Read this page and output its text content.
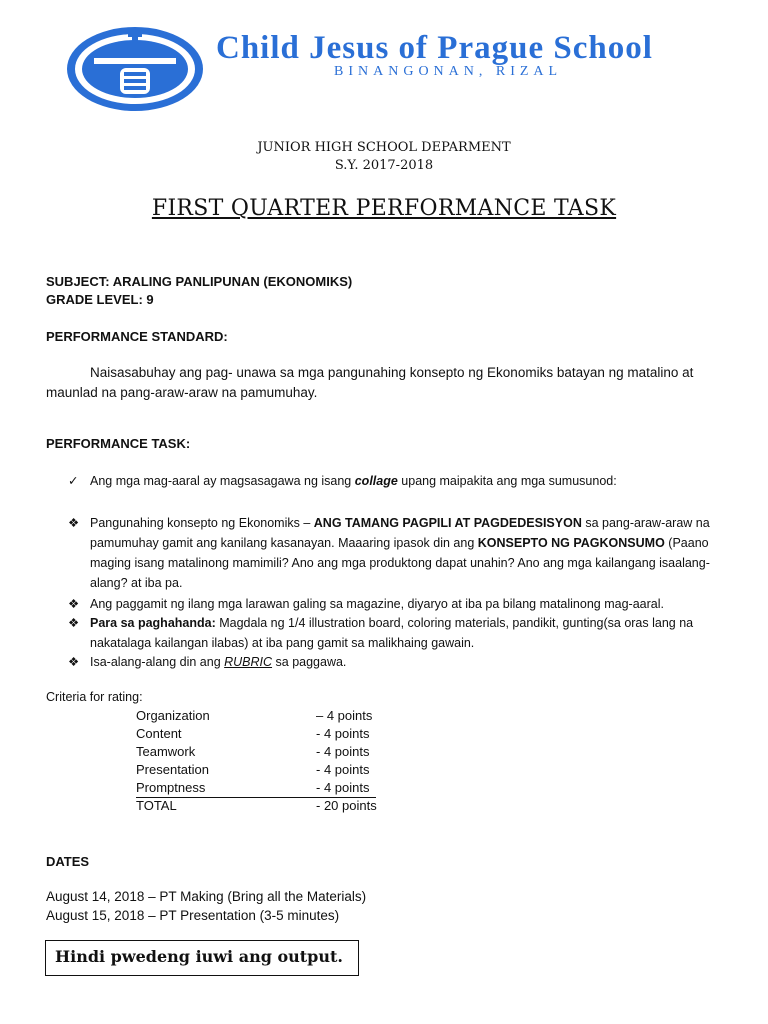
Child Jesus of Prague School
BINANGONAN, RIZAL
JUNIOR HIGH SCHOOL DEPARMENT
S.Y. 2017-2018
FIRST QUARTER PERFORMANCE TASK
SUBJECT: ARALING PANLIPUNAN (EKONOMIKS)
GRADE LEVEL: 9
PERFORMANCE STANDARD:
Naisasabuhay ang pag- unawa sa mga pangunahing konsepto ng Ekonomiks batayan ng matalino at maunlad na pang-araw-araw na pamumuhay.
PERFORMANCE TASK:
✓ Ang mga mag-aaral ay magsasagawa ng isang collage upang maipakita ang mga sumusunod:
❖ Pangunahing konsepto ng Ekonomiks – ANG TAMANG PAGPILI AT PAGDEDESISYON sa pang-araw-araw na pamumuhay gamit ang kanilang kasanayan. Maaaring ipasok din ang KONSEPTO NG PAGKONSUMO (Paano maging isang matalinong mamimili? Ano ang mga produktong dapat unahin? Ano ang mga kailangang isaalang-alang? at iba pa.
❖ Ang paggamit ng ilang mga larawan galing sa magazine, diyaryo at iba pa bilang matalinong mag-aaral.
❖ Para sa paghahanda: Magdala ng 1/4 illustration board, coloring materials, pandikit, gunting(sa oras lang na nakatalaga kailangan ilabas) at iba pang gamit sa malikhaing gawain.
❖ Isa-alang-alang din ang RUBRIC sa paggawa.
Criteria for rating:
Organization	– 4 points
Content	- 4 points
Teamwork	- 4 points
Presentation	- 4 points
Promptness	- 4 points
TOTAL	- 20 points
DATES
August 14, 2018 – PT Making (Bring all the Materials)
August 15, 2018 – PT Presentation (3-5 minutes)
Hindi pwedeng iuwi ang output.
